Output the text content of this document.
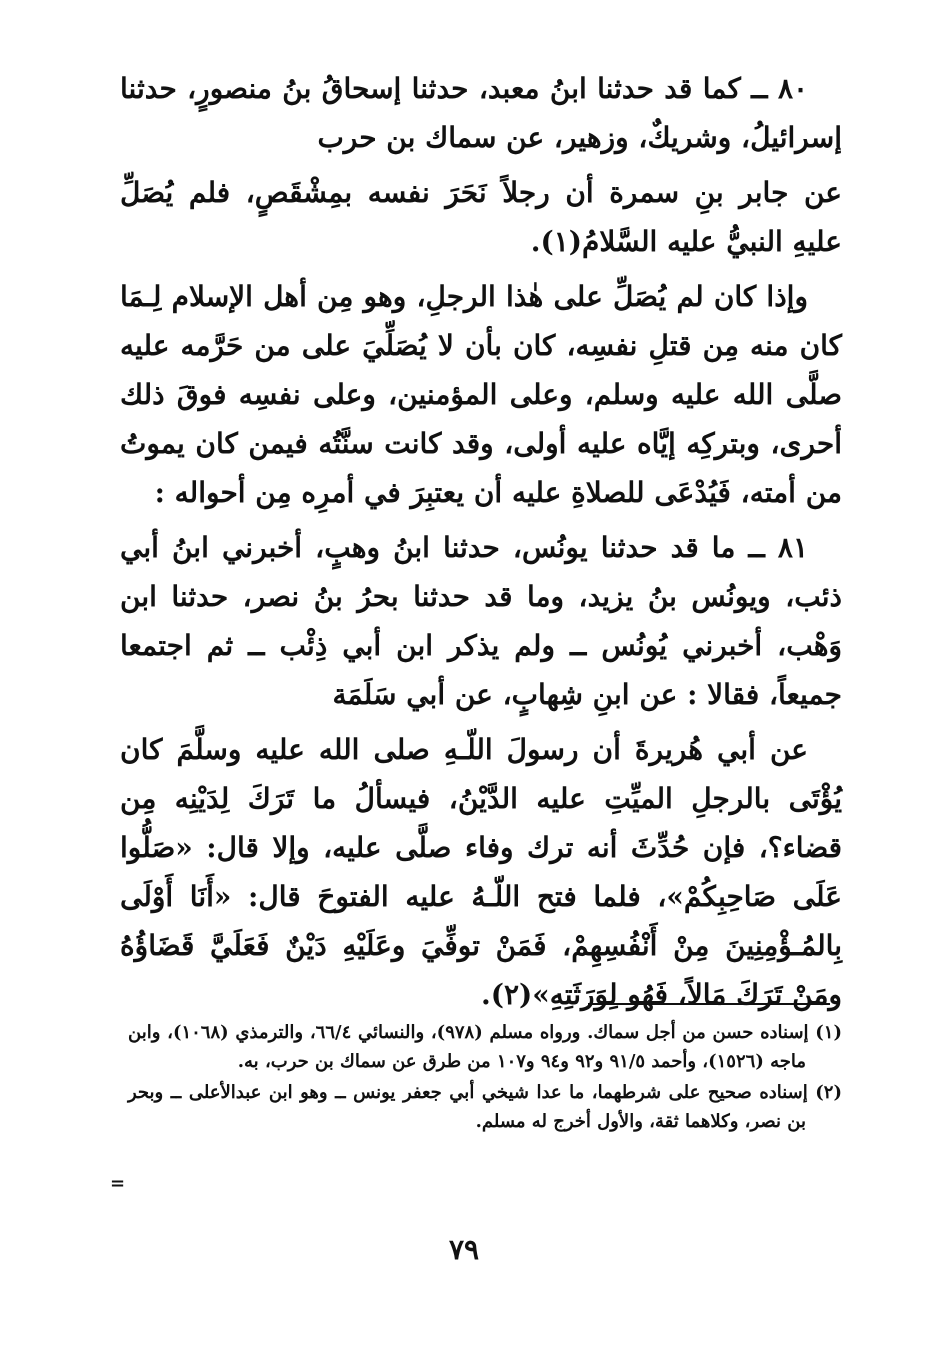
٨٠ ــ كما قد حدثنا ابنُ معبد، حدثنا إسحاقُ بنُ منصورٍ، حدثنا إسرائيلُ، وشريكٌ، وزهير، عن سماك بن حرب

عن جابر بنِ سمرة أن رجلاً نَحَرَ نفسه بمِشْقَصٍ، فلم يُصَلِّ عليهِ النبيُّ عليه السَّلامُ(١).

وإذا كان لم يُصَلِّ على هٰذا الرجلِ، وهو مِن أهل الإسلام لِـمَا كان منه مِن قتلِ نفسِه، كان بأن لا يُصَلِّيَ على من حَرَّمه عليه صلَّى الله عليه وسلم، وعلى المؤمنين، وعلى نفسِه فوقَ ذلك أحرى، وبتركِه إيَّاه عليه أولى، وقد كانت سنَّتُه فيمن كان يموتُ من أمته، فَيُدْعَى للصلاةِ عليه أن يعتبِرَ في أمرِه مِن أحواله :

٨١ ــ ما قد حدثنا يونُس، حدثنا ابنُ وهبٍ، أخبرني ابنُ أبي ذئب، ويونُس بنُ يزيد، وما قد حدثنا بحرُ بنُ نصر، حدثنا ابن وَهْب، أخبرني يُونُس ــ ولم يذكر ابن أبي ذِئْب ــ ثم اجتمعا جميعاً، فقالا : عن ابنِ شِهابٍ، عن أبي سَلَمَة

عن أبي هُريرةَ أن رسولَ اللّـهِ صلى الله عليه وسلَّمَ كان يُؤْتَى بالرجلِ الميِّتِ عليه الدَّيْنُ، فيسألُ ما تَرَكَ لِدَيْنِه مِن قضاء؟، فإن حُدِّثَ أنه ترك وفاء صلَّى عليه، وإلا قال: «صَلُّوا عَلَى صَاحِبِكُمْ»، فلما فتح اللّـهُ عليه الفتوحَ قال: «أَنَا أَوْلَى بِالمُـؤْمِنِينَ مِنْ أَنْفُسِهِمْ، فَمَنْ توفِّيَ وعَلَيْهِ دَيْنٌ فَعَلَيَّ قَضَاؤُهُ ومَنْ تَرَكَ مَالاً، فَهُو لِوَرَثَتِهِ»(٢).

(١) إسناده حسن من أجل سماك. ورواه مسلم (٩٧٨)، والنسائي ٦٦/٤، والترمذي (١٠٦٨)، وابن ماجه (١٥٢٦)، وأحمد ٩١/٥ و٩٢ و٩٤ و١٠٧ من طرق عن سماك بن حرب، به.

(٢) إسناده صحيح على شرطهما، ما عدا شيخي أبي جعفر يونس ــ وهو ابن عبدالأعلى ــ وبحر بن نصر، وكلاهما ثقة، والأول أخرج له مسلم.

=
٧٩
